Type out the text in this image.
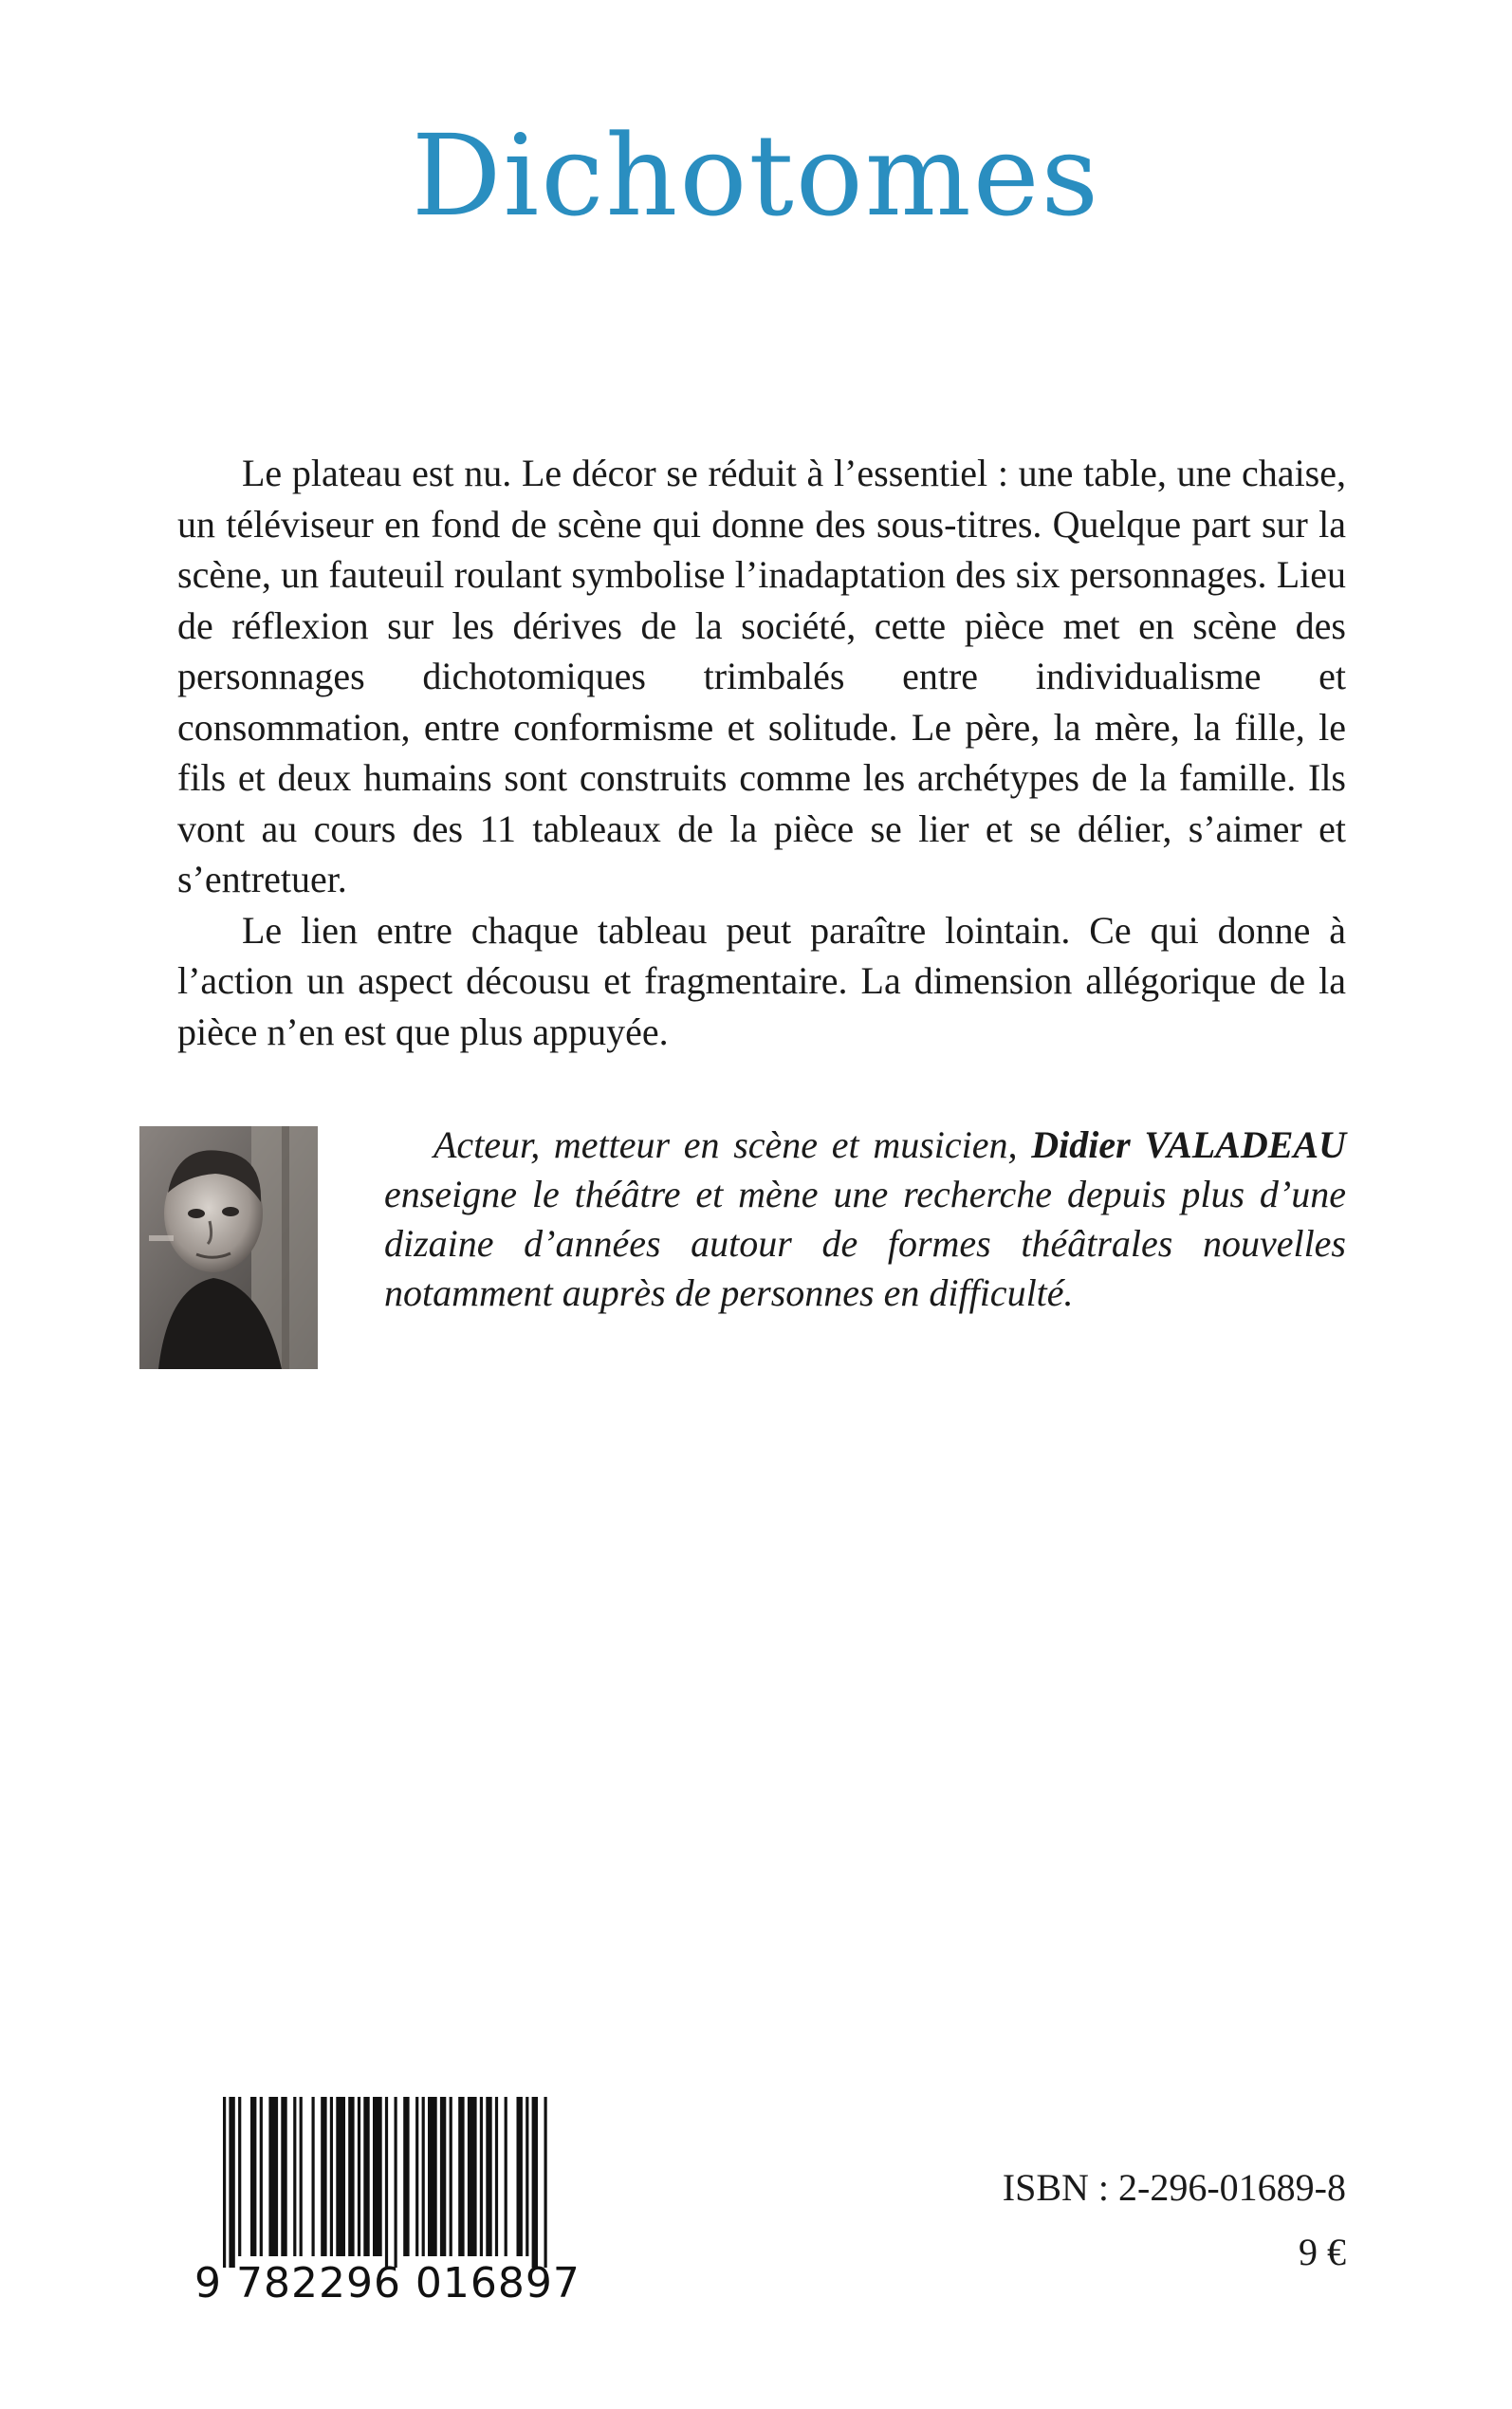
Dichotomes

Le plateau est nu. Le décor se réduit à l’essentiel : une table, une chaise, un téléviseur en fond de scène qui donne des sous-titres. Quelque part sur la scène, un fauteuil roulant symbolise l’inadaptation des six personnages. Lieu de réflexion sur les dérives de la société, cette pièce met en scène des personnages dichotomiques trimbalés entre individualisme et consommation, entre conformisme et solitude. Le père, la mère, la fille, le fils et deux humains sont construits comme les archétypes de la famille. Ils vont au cours des 11 tableaux de la pièce se lier et se délier, s’aimer et s’entretuer.

Le lien entre chaque tableau peut paraître lointain. Ce qui donne à l’action un aspect décousu et fragmentaire. La dimension allégorique de la pièce n’en est que plus appuyée.

Acteur, metteur en scène et musicien, Didier VALADEAU enseigne le théâtre et mène une recherche depuis plus d’une dizaine d’années autour de formes théâtrales nouvelles notamment auprès de personnes en difficulté.

9 782296 016897
ISBN : 2-296-01689-8
9 €
